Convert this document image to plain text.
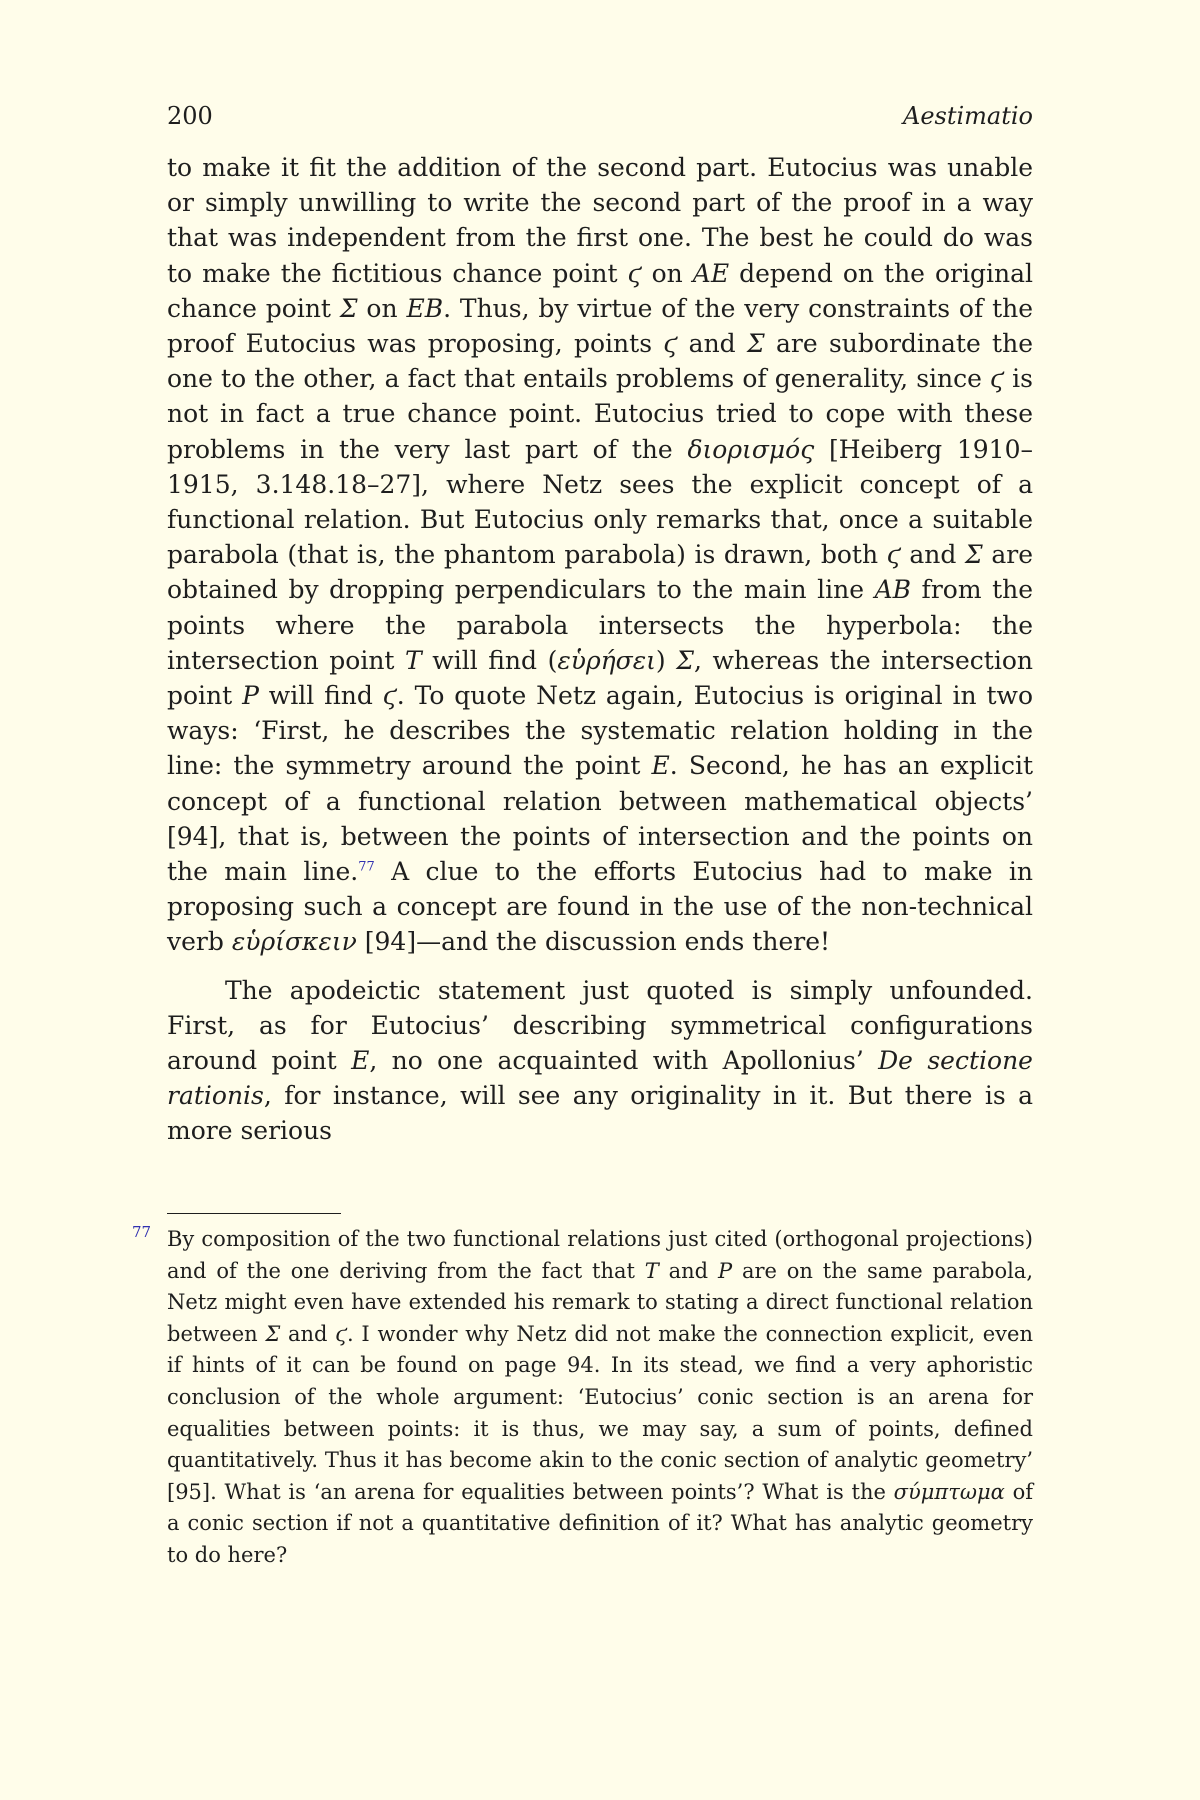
200	Aestimatio

to make it fit the addition of the second part. Eutocius was unable or simply unwilling to write the second part of the proof in a way that was independent from the first one. The best he could do was to make the fictitious chance point ϛ on AE depend on the original chance point Σ on EB. Thus, by virtue of the very constraints of the proof Eutocius was proposing, points ϛ and Σ are subordinate the one to the other, a fact that entails problems of generality, since ϛ is not in fact a true chance point. Eutocius tried to cope with these problems in the very last part of the διορισμός [Heiberg 1910–1915, 3.148.18–27], where Netz sees the explicit concept of a functional relation. But Eutocius only remarks that, once a suitable parabola (that is, the phantom parabola) is drawn, both ϛ and Σ are obtained by dropping perpendiculars to the main line AB from the points where the parabola intersects the hyperbola: the intersection point T will find (εὑρήσει) Σ, whereas the intersection point P will find ϛ. To quote Netz again, Eutocius is original in two ways: ‘First, he describes the systematic relation holding in the line: the symmetry around the point E. Second, he has an explicit concept of a functional relation between mathematical objects’ [94], that is, between the points of intersection and the points on the main line.$^{77}$ A clue to the efforts Eutocius had to make in proposing such a concept are found in the use of the non-technical verb εὑρίσκειν [94]—and the discussion ends there!

The apodeictic statement just quoted is simply unfounded. First, as for Eutocius’ describing symmetrical configurations around point E, no one acquainted with Apollonius’ De sectione rationis, for instance, will see any originality in it. But there is a more serious

77 By composition of the two functional relations just cited (orthogonal projections) and of the one deriving from the fact that T and P are on the same parabola, Netz might even have extended his remark to stating a direct functional relation between Σ and ϛ. I wonder why Netz did not make the connection explicit, even if hints of it can be found on page 94. In its stead, we find a very aphoristic conclusion of the whole argument: ‘Eutocius’ conic section is an arena for equalities between points: it is thus, we may say, a sum of points, defined quantitatively. Thus it has become akin to the conic section of analytic geometry’ [95]. What is ‘an arena for equalities between points’? What is the σύμπτωμα of a conic section if not a quantitative definition of it? What has analytic geometry to do here?
